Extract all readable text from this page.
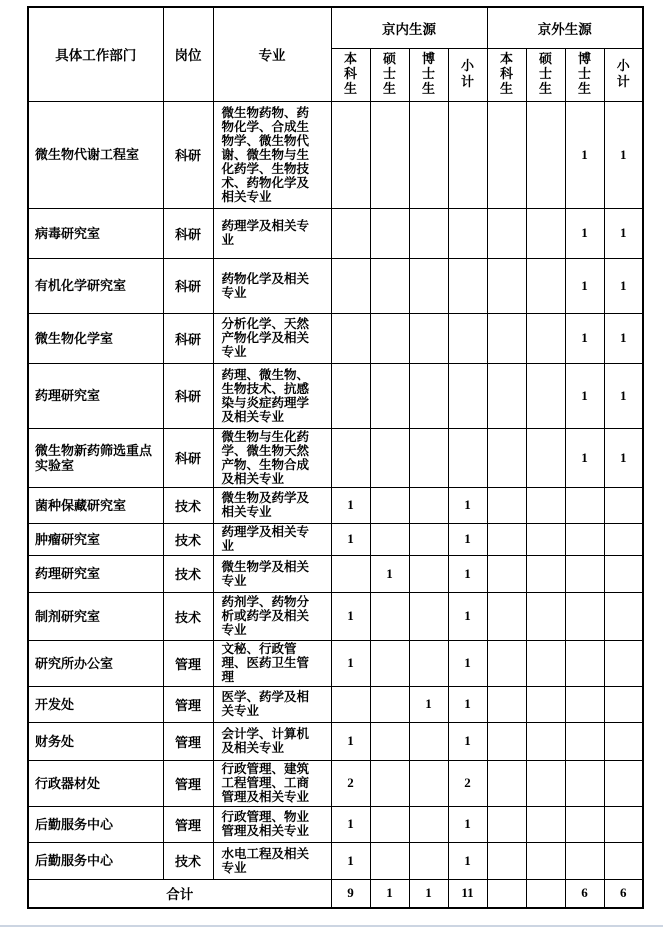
具体工作部门	岗位	专业	京内生源				京外生源			
			本科生	硕士生	博士生	小计	本科生	硕士生	博士生	小计
微生物代谢工程室	科研	微生物药物、药物化学、合成生物学、微生物代谢、微生物与生化药学、生物技术、药物化学及相关专业							1	1
病毒研究室	科研	药理学及相关专业							1	1
有机化学研究室	科研	药物化学及相关专业							1	1
微生物化学室	科研	分析化学、天然产物化学及相关专业							1	1
药理研究室	科研	药理、微生物、生物技术、抗感染与炎症药理学及相关专业							1	1
微生物新药筛选重点实验室	科研	微生物与生化药学、微生物天然产物、生物合成及相关专业							1	1
菌种保藏研究室	技术	微生物及药学及相关专业	1			1				
肿瘤研究室	技术	药理学及相关专业	1			1				
药理研究室	技术	微生物学及相关专业		1		1				
制剂研究室	技术	药剂学、药物分析或药学及相关专业	1			1				
研究所办公室	管理	文秘、行政管理、医药卫生管理	1			1				
开发处	管理	医学、药学及相关专业			1	1				
财务处	管理	会计学、计算机及相关专业	1			1				
行政器材处	管理	行政管理、建筑工程管理、工商管理及相关专业	2			2				
后勤服务中心	管理	行政管理、物业管理及相关专业	1			1				
后勤服务中心	技术	水电工程及相关专业	1			1				
合计			9	1	1	11			6	6
